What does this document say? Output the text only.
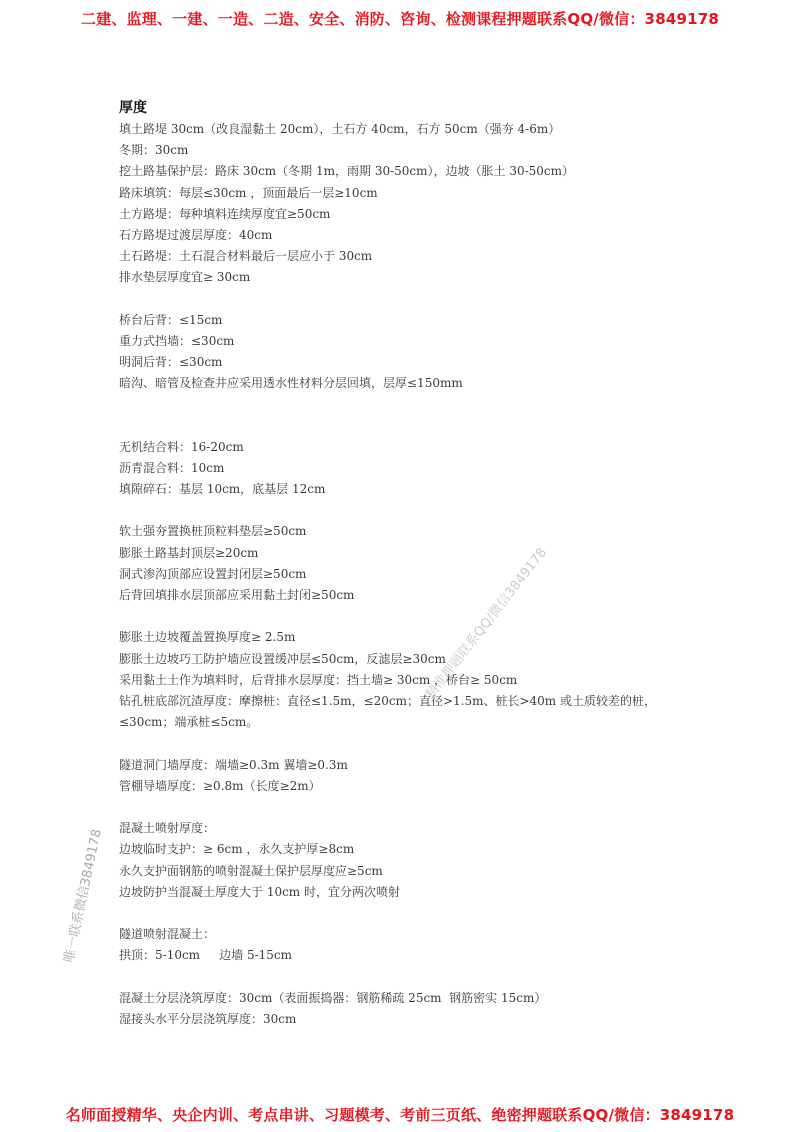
二建、监理、一建、一造、二造、安全、消防、咨询、检测课程押题联系QQ/微信：3849178
厚度
填土路堤 30cm（改良湿黏土 20cm），土石方 40cm，石方 50cm（强夯 4-6m）
冬期：30cm
挖土路基保护层：路床 30cm（冬期 1m，雨期 30-50cm），边坡（胀土 30-50cm）
路床填筑：每层≤30cm ，顶面最后一层≥10cm
土方路堤：每种填料连续厚度宜≥50cm
石方路堤过渡层厚度：40cm
土石路堤：土石混合材料最后一层应小于 30cm
排水垫层厚度宜≥ 30cm
桥台后背：≤15cm
重力式挡墙：≤30cm
明洞后背：≤30cm
暗沟、暗管及检查井应采用透水性材料分层回填，层厚≤150mm
无机结合料：16-20cm
沥青混合料：10cm
填隙碎石：基层 10cm，底基层 12cm
软土强夯置换桩顶粒料垫层≥50cm
膨胀土路基封顶层≥20cm
洞式渗沟顶部应设置封闭层≥50cm
后背回填排水层顶部应采用黏土封闭≥50cm
膨胀土边坡覆盖置换厚度≥ 2.5m
膨胀土边坡巧工防护墙应设置缓冲层≤50cm，反滤层≥30cm
采用黏土土作为填料时，后背排水层厚度：挡土墙≥ 30cm ，桥台≥ 50cm
钻孔桩底部沉渣厚度：摩擦桩：直径≤1.5m，≤20cm；直径>1.5m、桩长>40m 或土质较差的桩，≤30cm；端承桩≤5cm。
隧道洞门墙厚度：端墙≥0.3m 翼墙≥0.3m
管棚导墙厚度：≥0.8m（长度≥2m）
混凝土喷射厚度：
边坡临时支护：≥ 6cm ，永久支护厚≥8cm
永久支护面钢筋的喷射混凝土保护层厚度应≥5cm
边坡防护当混凝土厚度大于 10cm 时，宜分两次喷射
隧道喷射混凝土：
拱顶：5-10cm     边墙 5-15cm
混凝土分层浇筑厚度：30cm（表面振捣器：钢筋稀疏 25cm  钢筋密实 15cm）
湿接头水平分层浇筑厚度：30cm
精准押题联系QQ/微信3849178
唯一联系微信3849178
名师面授精华、央企内训、考点串讲、习题模考、考前三页纸、绝密押题联系QQ/微信：3849178
